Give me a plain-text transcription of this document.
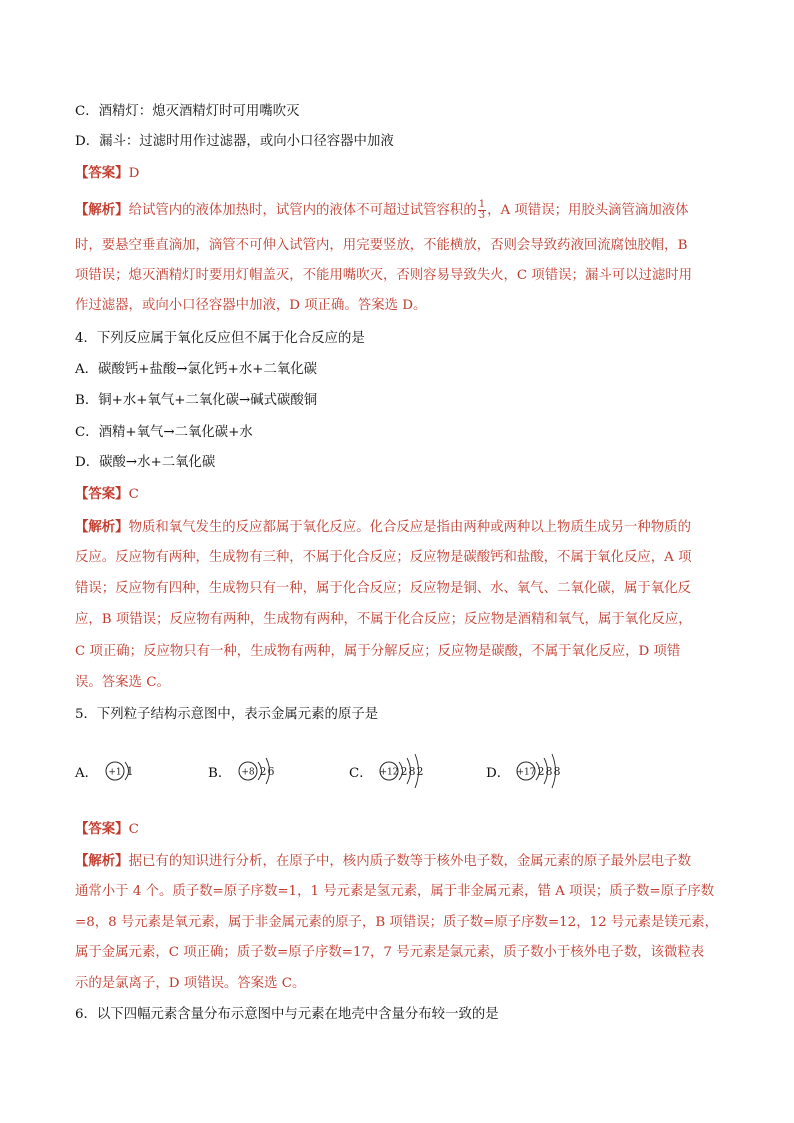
C．酒精灯：熄灭酒精灯时可用嘴吹灭
D．漏斗：过滤时用作过滤器，或向小口径容器中加液
【答案】D
【解析】给试管内的液体加热时，试管内的液体不可超过试管容积的 $\frac{1}{3}$ ，A 项错误；用胶头滴管滴加液体
时，要悬空垂直滴加，滴管不可伸入试管内，用完要竖放，不能横放，否则会导致药液回流腐蚀胶帽，B
项错误；熄灭酒精灯时要用灯帽盖灭，不能用嘴吹灭，否则容易导致失火，C 项错误；漏斗可以过滤时用
作过滤器，或向小口径容器中加液，D 项正确。答案选 D。
4．下列反应属于氧化反应但不属于化合反应的是
A．碳酸钙+盐酸→氯化钙+水+二氧化碳
B．铜+水+氧气+二氧化碳→碱式碳酸铜
C．酒精+氧气→二氧化碳+水
D．碳酸→水+二氧化碳
【答案】C
【解析】物质和氧气发生的反应都属于氧化反应。化合反应是指由两种或两种以上物质生成另一种物质的
反应。反应物有两种，生成物有三种，不属于化合反应；反应物是碳酸钙和盐酸，不属于氧化反应，A 项
错误；反应物有四种，生成物只有一种，属于化合反应；反应物是铜、水、氧气、二氧化碳，属于氧化反
应，B 项错误；反应物有两种，生成物有两种，不属于化合反应；反应物是酒精和氧气，属于氧化反应，
C 项正确；反应物只有一种，生成物有两种，属于分解反应；反应物是碳酸，不属于氧化反应，D 项错
误。答案选 C。
5．下列粒子结构示意图中，表示金属元素的原子是
A． +1 1	B． +8 2 6	C． +12 2 8 2	D． +17 2 8 8
【答案】C
【解析】据已有的知识进行分析，在原子中，核内质子数等于核外电子数，金属元素的原子最外层电子数
通常小于 4 个。质子数=原子序数=1，1 号元素是氢元素，属于非金属元素，错 A 项误；质子数=原子序数
=8，8 号元素是氧元素，属于非金属元素的原子，B 项错误；质子数=原子序数=12，12 号元素是镁元素，
属于金属元素，C 项正确；质子数=原子序数=17，7 号元素是氯元素，质子数小于核外电子数，该微粒表
示的是氯离子，D 项错误。答案选 C。
6．以下四幅元素含量分布示意图中与元素在地壳中含量分布较一致的是
